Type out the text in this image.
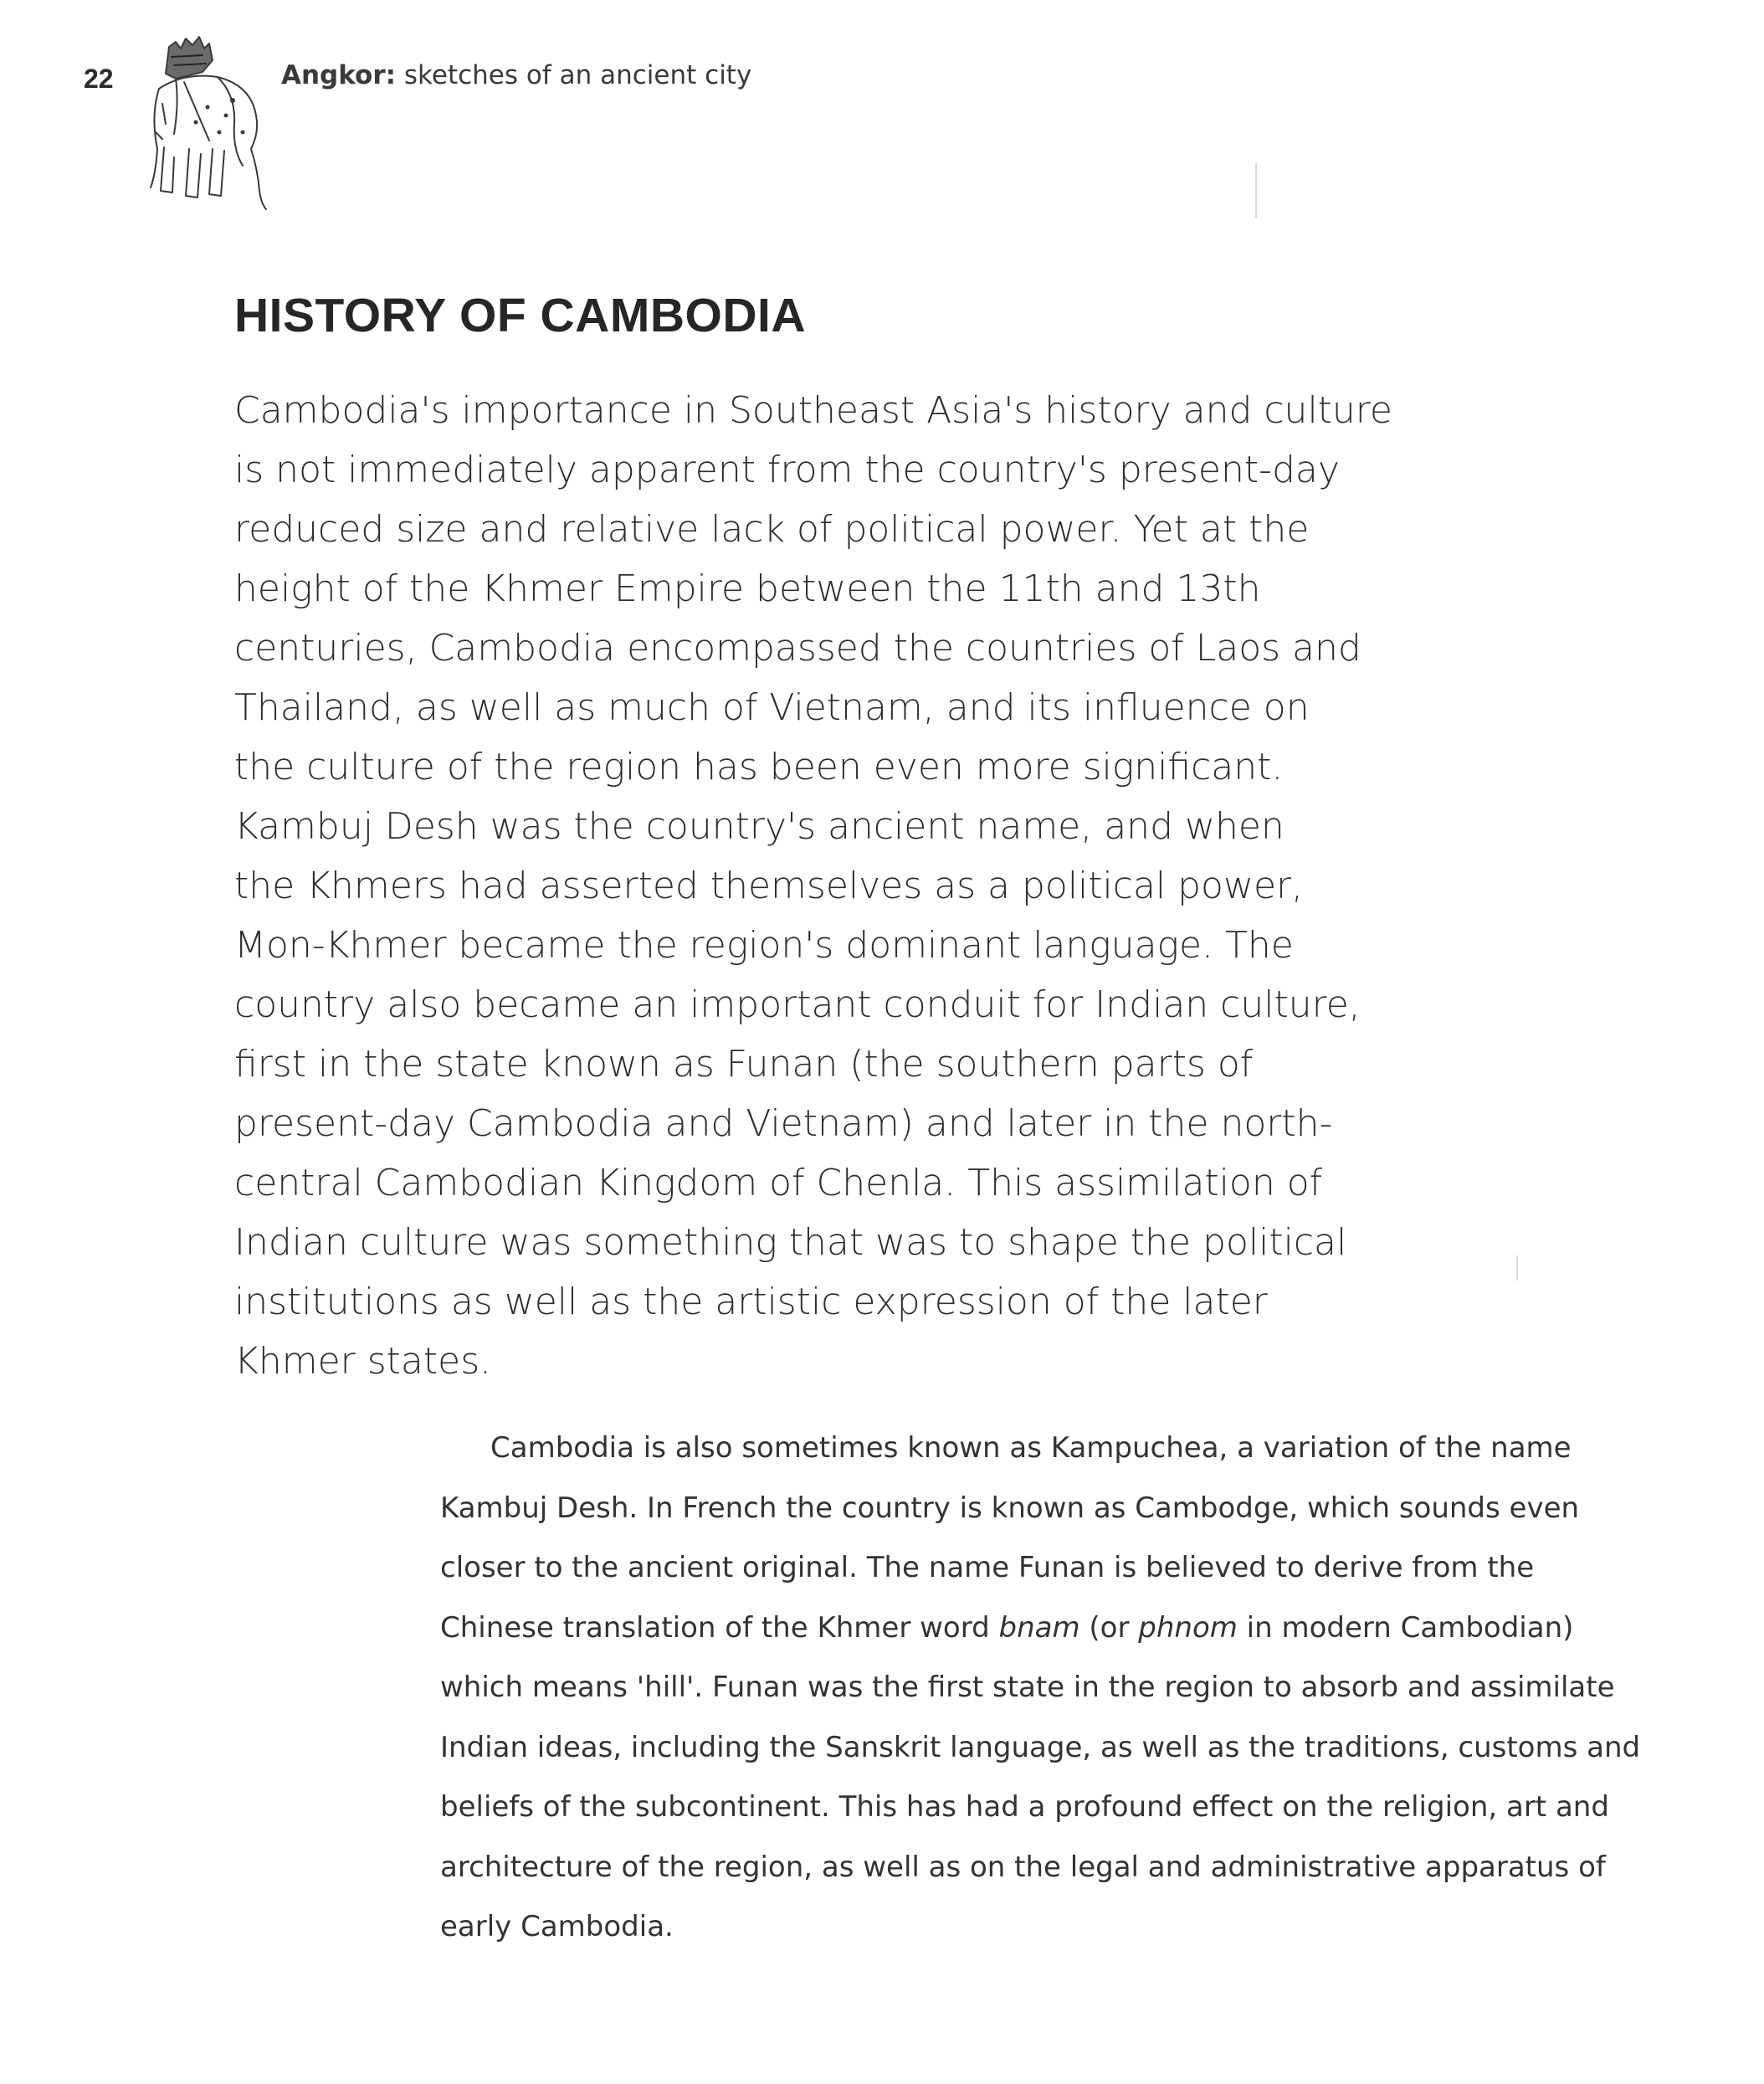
22	Angkor: sketches of an ancient city
HISTORY OF CAMBODIA
Cambodia's importance in Southeast Asia's history and culture
is not immediately apparent from the country's present-day
reduced size and relative lack of political power. Yet at the
height of the Khmer Empire between the 11th and 13th
centuries, Cambodia encompassed the countries of Laos and
Thailand, as well as much of Vietnam, and its influence on
the culture of the region has been even more significant.
Kambuj Desh was the country's ancient name, and when
the Khmers had asserted themselves as a political power,
Mon-Khmer became the region's dominant language. The
country also became an important conduit for Indian culture,
first in the state known as Funan (the southern parts of
present-day Cambodia and Vietnam) and later in the north-
central Cambodian Kingdom of Chenla. This assimilation of
Indian culture was something that was to shape the political
institutions as well as the artistic expression of the later
Khmer states.
Cambodia is also sometimes known as Kampuchea, a variation of the name
Kambuj Desh. In French the country is known as Cambodge, which sounds even
closer to the ancient original. The name Funan is believed to derive from the
Chinese translation of the Khmer word bnam (or phnom in modern Cambodian)
which means 'hill'. Funan was the first state in the region to absorb and assimilate
Indian ideas, including the Sanskrit language, as well as the traditions, customs and
beliefs of the subcontinent. This has had a profound effect on the religion, art and
architecture of the region, as well as on the legal and administrative apparatus of
early Cambodia.
